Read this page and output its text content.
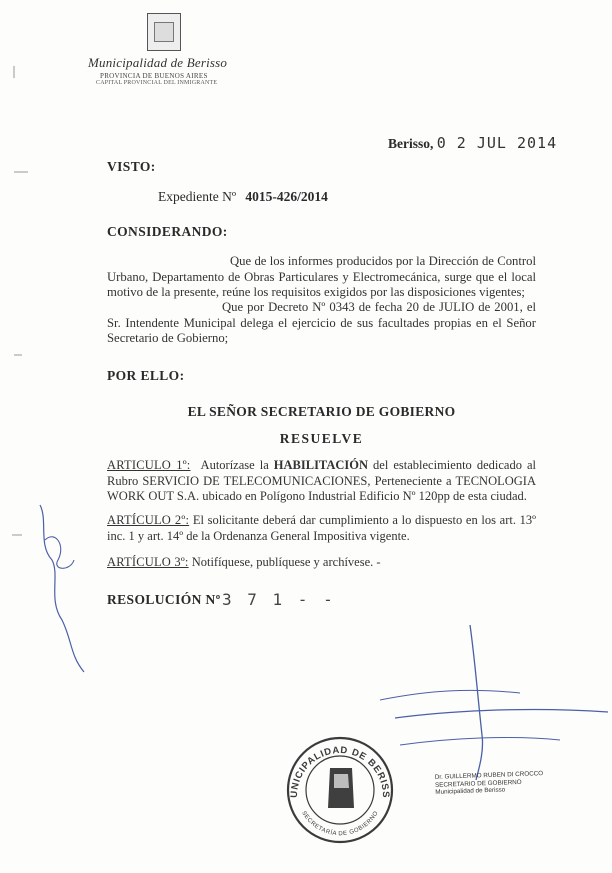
Municipalidad de Berisso
PROVINCIA DE BUENOS AIRES
CAPITAL PROVINCIAL DEL INMIGRANTE
Berisso, 0 2 JUL 2014
VISTO:
Expediente Nº 4015-426/2014
CONSIDERANDO:
Que de los informes producidos por la Dirección de Control Urbano, Departamento de Obras Particulares y Electromecánica, surge que el local motivo de la presente, reúne los requisitos exigidos por las disposiciones vigentes;
Que por Decreto Nº 0343 de fecha 20 de JULIO de 2001, el Sr. Intendente Municipal delega el ejercicio de sus facultades propias en el Señor Secretario de Gobierno;
POR ELLO:
EL SEÑOR SECRETARIO DE GOBIERNO
RESUELVE
ARTICULO 1º: Autorízase la HABILITACIÓN del establecimiento dedicado al Rubro SERVICIO DE TELECOMUNICACIONES, Perteneciente a TECNOLOGIA WORK OUT S.A. ubicado en Polígono Industrial Edificio Nº 120pp de esta ciudad.
ARTÍCULO 2º: El solicitante deberá dar cumplimiento a lo dispuesto en los art. 13º inc. 1 y art. 14º de la Ordenanza General Impositiva vigente.
ARTÍCULO 3º: Notifíquese, publíquese y archívese. -
RESOLUCIÓN Nº 3 7 1 - -
UNICIPALIDAD DE BERISS
SECRETARÍA DE GOBIERNO
Dr. GUILLERMO RUBEN DI CROCCO
SECRETARIO DE GOBIERNO
Municipalidad de Berisso
